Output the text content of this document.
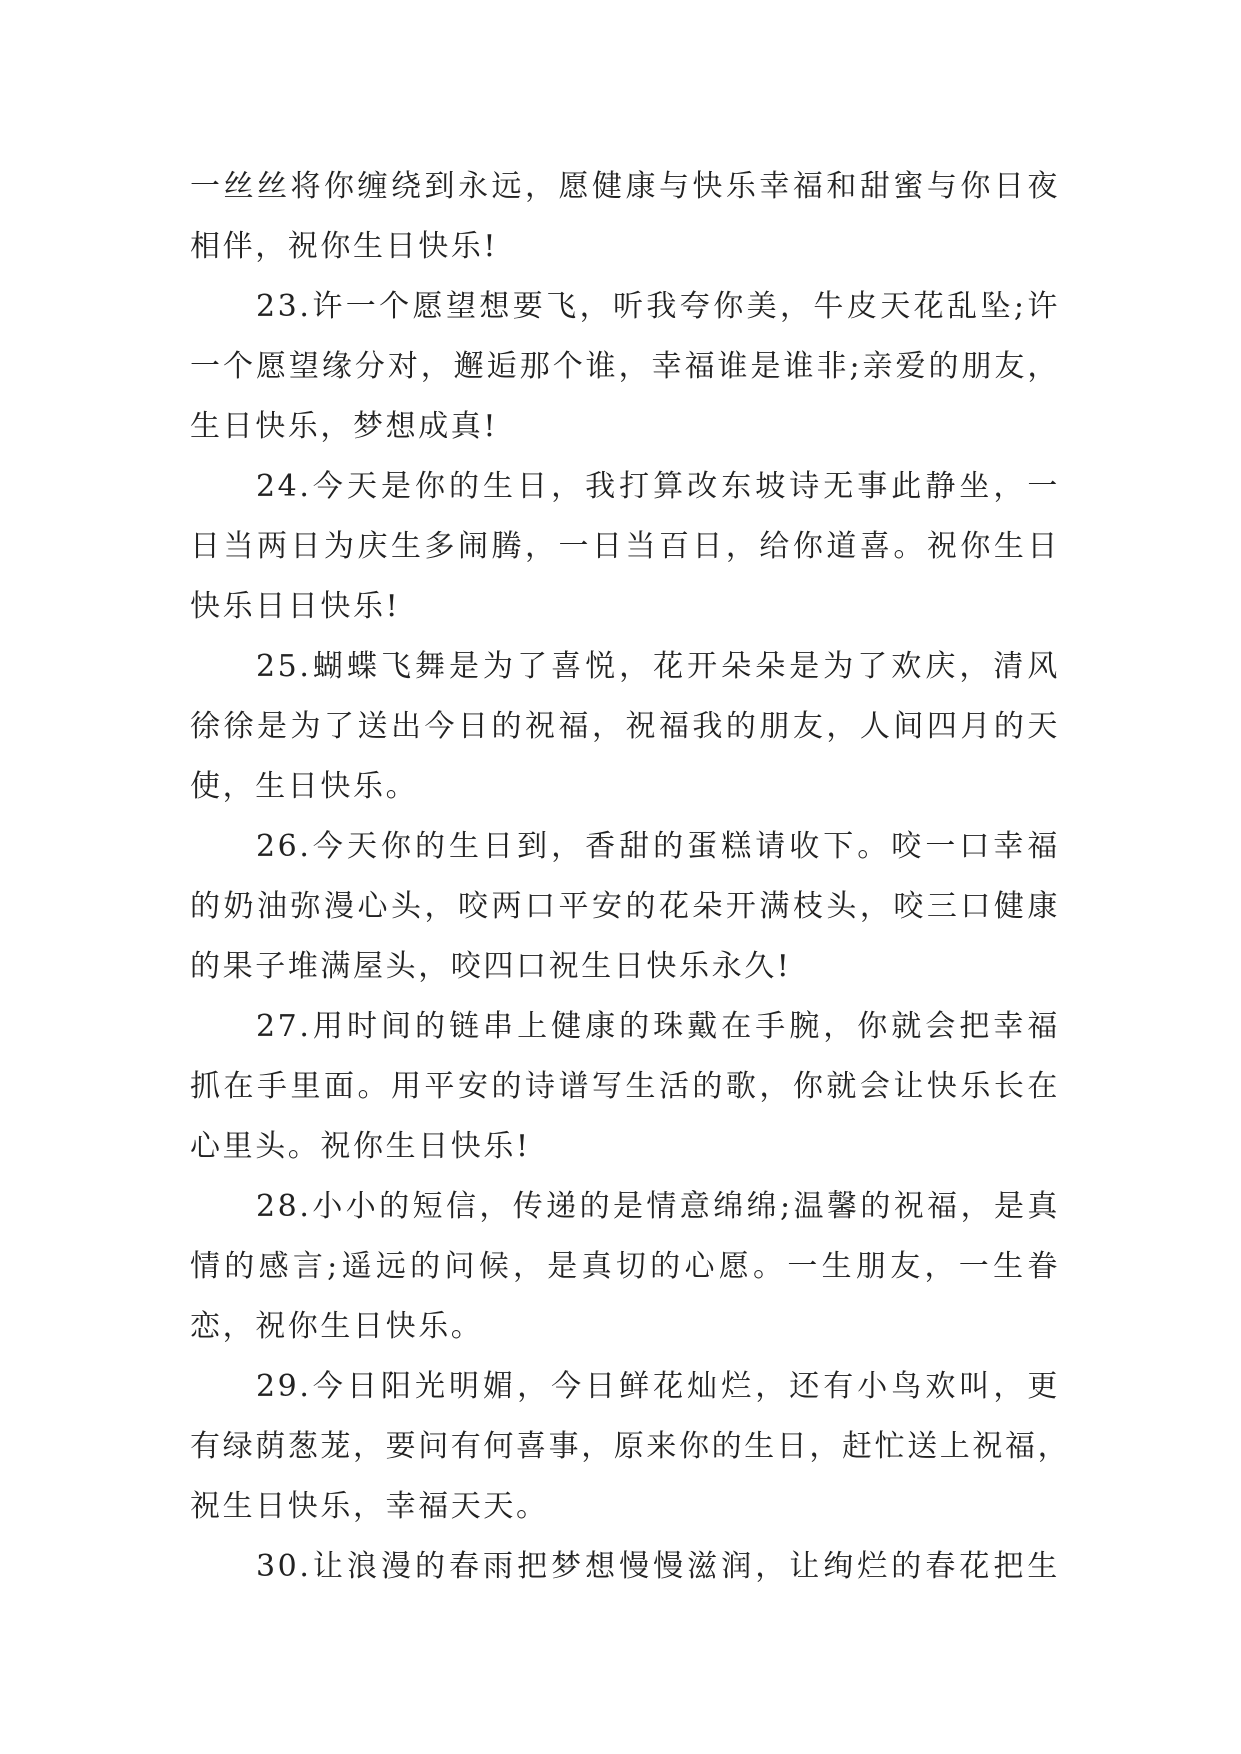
一丝丝将你缠绕到永远，愿健康与快乐幸福和甜蜜与你日夜
相伴，祝你生日快乐!
23.许一个愿望想要飞，听我夸你美，牛皮天花乱坠;许
一个愿望缘分对，邂逅那个谁，幸福谁是谁非;亲爱的朋友，
生日快乐，梦想成真!
24.今天是你的生日，我打算改东坡诗无事此静坐，一
日当两日为庆生多闹腾，一日当百日，给你道喜。祝你生日
快乐日日快乐!
25.蝴蝶飞舞是为了喜悦，花开朵朵是为了欢庆，清风
徐徐是为了送出今日的祝福，祝福我的朋友，人间四月的天
使，生日快乐。
26.今天你的生日到，香甜的蛋糕请收下。咬一口幸福
的奶油弥漫心头，咬两口平安的花朵开满枝头，咬三口健康
的果子堆满屋头，咬四口祝生日快乐永久!
27.用时间的链串上健康的珠戴在手腕，你就会把幸福
抓在手里面。用平安的诗谱写生活的歌，你就会让快乐长在
心里头。祝你生日快乐!
28.小小的短信，传递的是情意绵绵;温馨的祝福，是真
情的感言;遥远的问候，是真切的心愿。一生朋友，一生眷
恋，祝你生日快乐。
29.今日阳光明媚，今日鲜花灿烂，还有小鸟欢叫，更
有绿荫葱茏，要问有何喜事，原来你的生日，赶忙送上祝福，
祝生日快乐，幸福天天。
30.让浪漫的春雨把梦想慢慢滋润，让绚烂的春花把生
